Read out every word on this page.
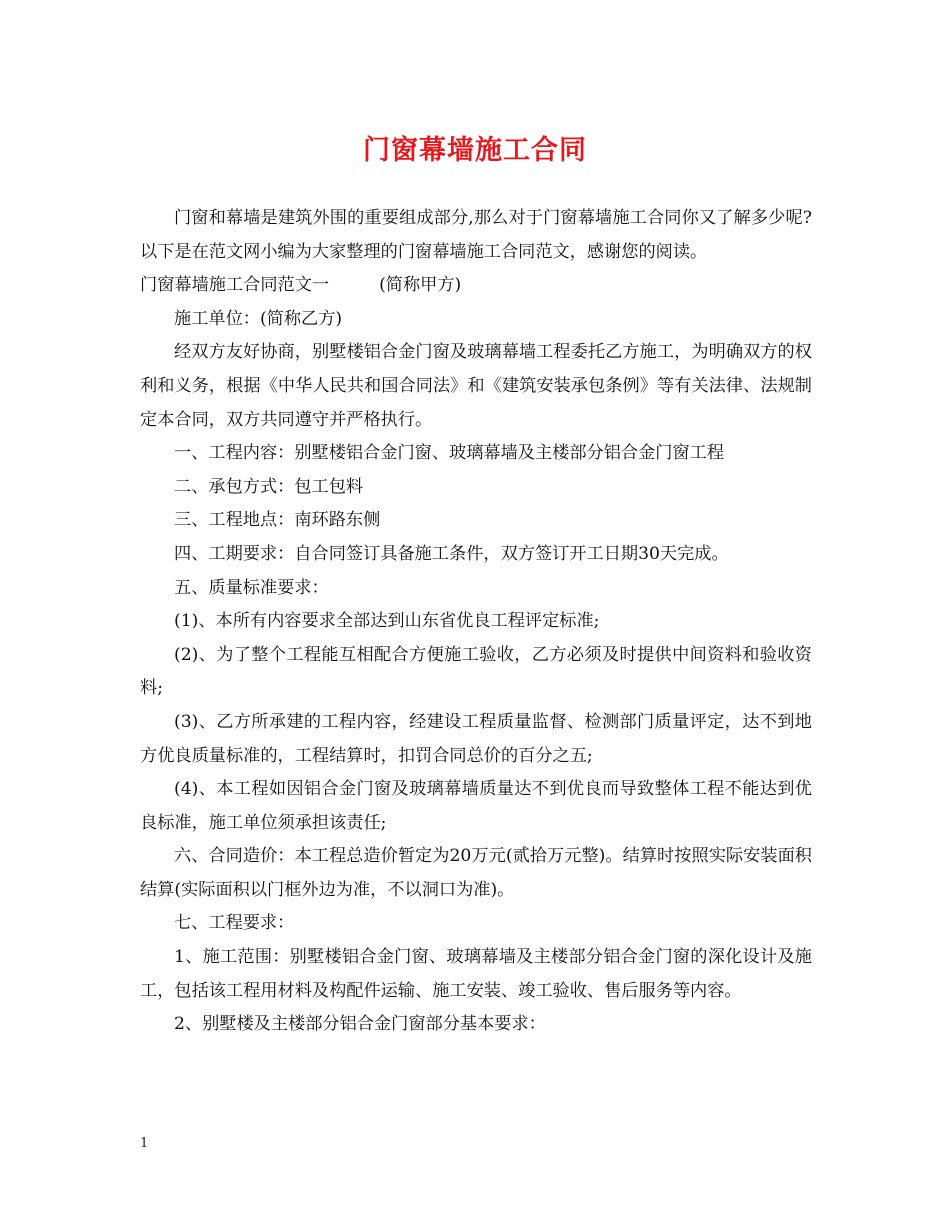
门窗幕墙施工合同

门窗和幕墙是建筑外围的重要组成部分,那么对于门窗幕墙施工合同你又了解多少呢?以下是在范文网小编为大家整理的门窗幕墙施工合同范文，感谢您的阅读。

门窗幕墙施工合同范文一	(简称甲方)

施工单位：(简称乙方)

经双方友好协商，别墅楼铝合金门窗及玻璃幕墙工程委托乙方施工，为明确双方的权利和义务，根据《中华人民共和国合同法》和《建筑安装承包条例》等有关法律、法规制定本合同，双方共同遵守并严格执行。

一、工程内容：别墅楼铝合金门窗、玻璃幕墙及主楼部分铝合金门窗工程

二、承包方式：包工包料

三、工程地点：南环路东侧

四、工期要求：自合同签订具备施工条件，双方签订开工日期30天完成。

五、质量标准要求：

(1)、本所有内容要求全部达到山东省优良工程评定标准;

(2)、为了整个工程能互相配合方便施工验收，乙方必须及时提供中间资料和验收资料;

(3)、乙方所承建的工程内容，经建设工程质量监督、检测部门质量评定，达不到地方优良质量标准的，工程结算时，扣罚合同总价的百分之五;

(4)、本工程如因铝合金门窗及玻璃幕墙质量达不到优良而导致整体工程不能达到优良标准，施工单位须承担该责任;

六、合同造价：本工程总造价暂定为20万元(贰拾万元整)。结算时按照实际安装面积结算(实际面积以门框外边为准，不以洞口为准)。

七、工程要求：

1、施工范围：别墅楼铝合金门窗、玻璃幕墙及主楼部分铝合金门窗的深化设计及施工，包括该工程用材料及构配件运输、施工安装、竣工验收、售后服务等内容。

2、别墅楼及主楼部分铝合金门窗部分基本要求：

1
